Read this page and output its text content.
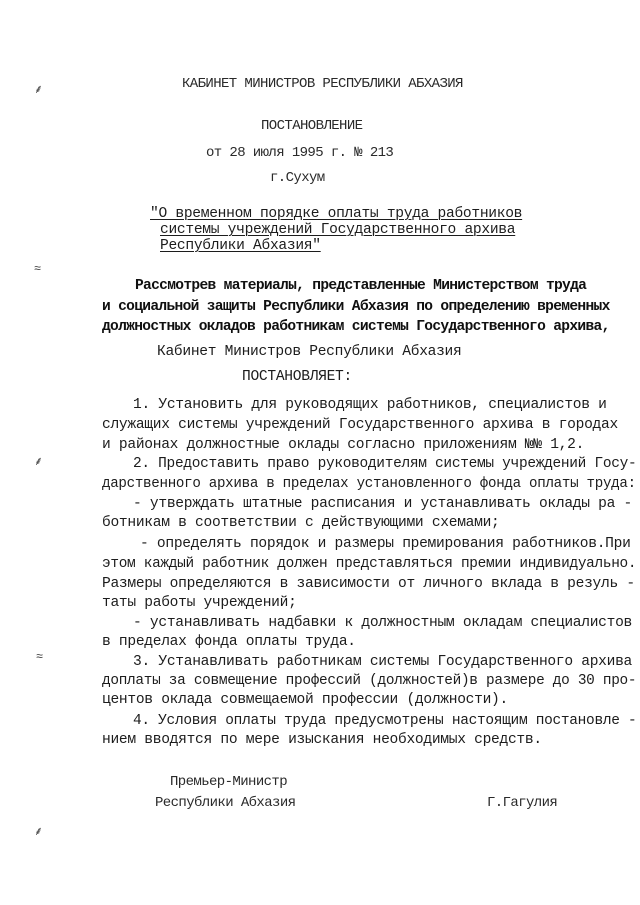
⸙
≈
⸙
≈
⸙
КАБИНЕТ МИНИСТРОВ РЕСПУБЛИКИ АБХАЗИЯ
ПОСТАНОВЛЕНИЕ
от 28 июля 1995 г. № 213
г.Сухум
"О временном порядке оплаты труда работников
системы учреждений Государственного архива
Республики Абхазия"
Рассмотрев материалы, представленные Министерством труда
и социальной защиты Республики Абхазия по определению временных
должностных окладов работникам системы Государственного архива,
Кабинет Министров Республики Абхазия
ПОСТАНОВЛЯЕТ:
1. Установить для руководящих работников, специалистов и
служащих системы учреждений Государственного архива в городах
и районах должностные оклады согласно приложениям №№ 1,2.
2. Предоставить право руководителям системы учреждений Госу-
дарственного архива в пределах установленного фонда оплаты труда:
- утверждать штатные расписания и устанавливать оклады ра -
ботникам в соответствии с действующими схемами;
- определять порядок и размеры премирования работников.При
этом каждый работник должен представляться премии индивидуально.
Размеры определяются в зависимости от личного вклада в резуль -
таты работы учреждений;
- устанавливать надбавки к должностным окладам специалистов
в пределах фонда оплаты труда.
3. Устанавливать работникам системы Государственного архива
доплаты за совмещение профессий (должностей)в размере до 30 про-
центов оклада совмещаемой профессии (должности).
4. Условия оплаты труда предусмотрены настоящим постановле -
нием вводятся по мере изыскания необходимых средств.
Премьер-Министр
Республики Абхазия	Г.Гагулия
